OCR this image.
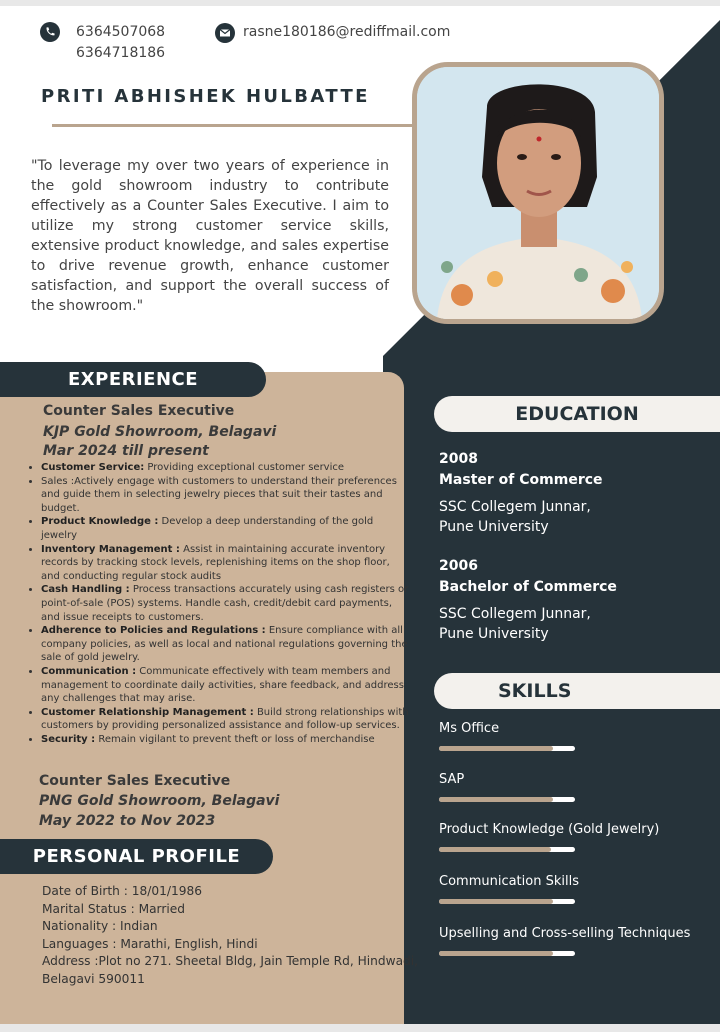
6364507068
6364718186
rasne180186@rediffmail.com
PRITI ABHISHEK HULBATTE

"To leverage my over two years of experience in the gold showroom industry to contribute effectively as a Counter Sales Executive. I aim to utilize my strong customer service skills, extensive product knowledge, and sales expertise to drive revenue growth, enhance customer satisfaction, and support the overall success of the showroom."

EXPERIENCE
Counter Sales Executive
KJP Gold Showroom, Belagavi
Mar 2024 till present
• Customer Service: Providing exceptional customer service
• Sales :Actively engage with customers to understand their preferences and guide them in selecting jewelry pieces that suit their tastes and budget.
• Product Knowledge : Develop a deep understanding of the gold jewelry
• Inventory Management : Assist in maintaining accurate inventory records by tracking stock levels, replenishing items on the shop floor, and conducting regular stock audits
• Cash Handling : Process transactions accurately using cash registers or point-of-sale (POS) systems. Handle cash, credit/debit card payments, and issue receipts to customers.
• Adherence to Policies and Regulations : Ensure compliance with all company policies, as well as local and national regulations governing the sale of gold jewelry.
• Communication : Communicate effectively with team members and management to coordinate daily activities, share feedback, and address any challenges that may arise.
• Customer Relationship Management : Build strong relationships with customers by providing personalized assistance and follow-up services.
• Security : Remain vigilant to prevent theft or loss of merchandise
Counter Sales Executive
PNG Gold Showroom, Belagavi
May 2022 to Nov 2023
PERSONAL PROFILE
Date of Birth : 18/01/1986
Marital Status : Married
Nationality : Indian
Languages : Marathi, English, Hindi
Address :Plot no 271. Sheetal Bldg, Jain Temple Rd, Hindwadi,
Belagavi 590011
EDUCATION
2008
Master of Commerce
SSC Collegem Junnar,
Pune University
2006
Bachelor of Commerce
SSC Collegem Junnar,
Pune University
SKILLS
Ms Office
SAP
Product Knowledge (Gold Jewelry)
Communication Skills
Upselling and Cross-selling Techniques
